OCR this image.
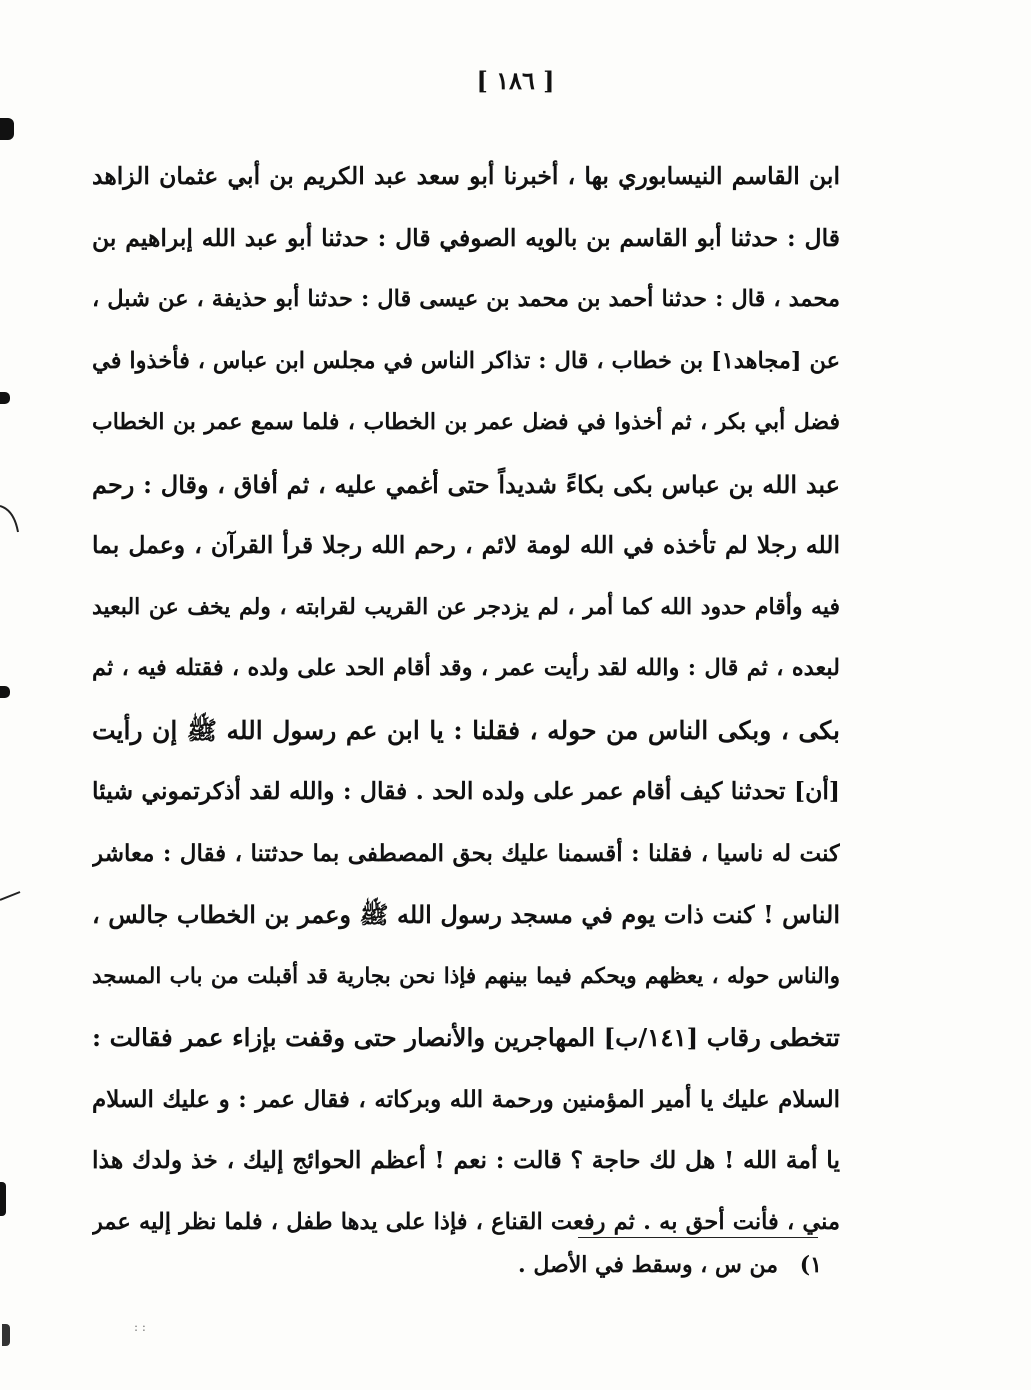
[ ١٨٦ ]
ابن القاسم النيسابوري بها ، أخبرنا أبو سعد عبد الكريم بن أبي عثمان الزاهد
قال : حدثنا أبو القاسم بن بالويه الصوفي قال : حدثنا أبو عبد الله إبراهيم بن
محمد ، قال : حدثنا أحمد بن محمد بن عيسى قال : حدثنا أبو حذيفة ، عن شبل ،
عن [مجاهد١] بن خطاب ، قال : تذاكر الناس في مجلس ابن عباس ، فأخذوا في
فضل أبي بكر ، ثم أخذوا في فضل عمر بن الخطاب ، فلما سمع عمر بن الخطاب
عبد الله بن عباس بكى بكاءً شديداً حتى أغمي عليه ، ثم أفاق ، وقال : رحم
الله رجلا لم تأخذه في الله لومة لائم ، رحم الله رجلا قرأ القرآن ، وعمل بما
فيه وأقام حدود الله كما أمر ، لم يزدجر عن القريب لقرابته ، ولم يخف عن البعيد
لبعده ، ثم قال : والله لقد رأيت عمر ، وقد أقام الحد على ولده ، فقتله فيه ، ثم
بكى ، وبكى الناس من حوله ، فقلنا : يا ابن عم رسول الله ﷺ إن رأيت
[أن] تحدثنا كيف أقام عمر على ولده الحد . فقال : والله لقد أذكرتموني شيئا
كنت له ناسيا ، فقلنا : أقسمنا عليك بحق المصطفى بما حدثتنا ، فقال : معاشر
الناس ! كنت ذات يوم في مسجد رسول الله ﷺ وعمر بن الخطاب جالس ،
والناس حوله ، يعظهم ويحكم فيما بينهم فإذا نحن بجارية قد أقبلت من باب المسجد
تتخطى رقاب [١٤١/ب] المهاجرين والأنصار حتى وقفت بإزاء عمر فقالت :
السلام عليك يا أمير المؤمنين ورحمة الله وبركاته ، فقال عمر : و عليك السلام
يا أمة الله ! هل لك حاجة ؟ قالت : نعم ! أعظم الحوائج إليك ، خذ ولدك هذا
مني ، فأنت أحق به . ثم رفعت القناع ، فإذا على يدها طفل ، فلما نظر إليه عمر
١) من س ، وسقط في الأصل .
: :
